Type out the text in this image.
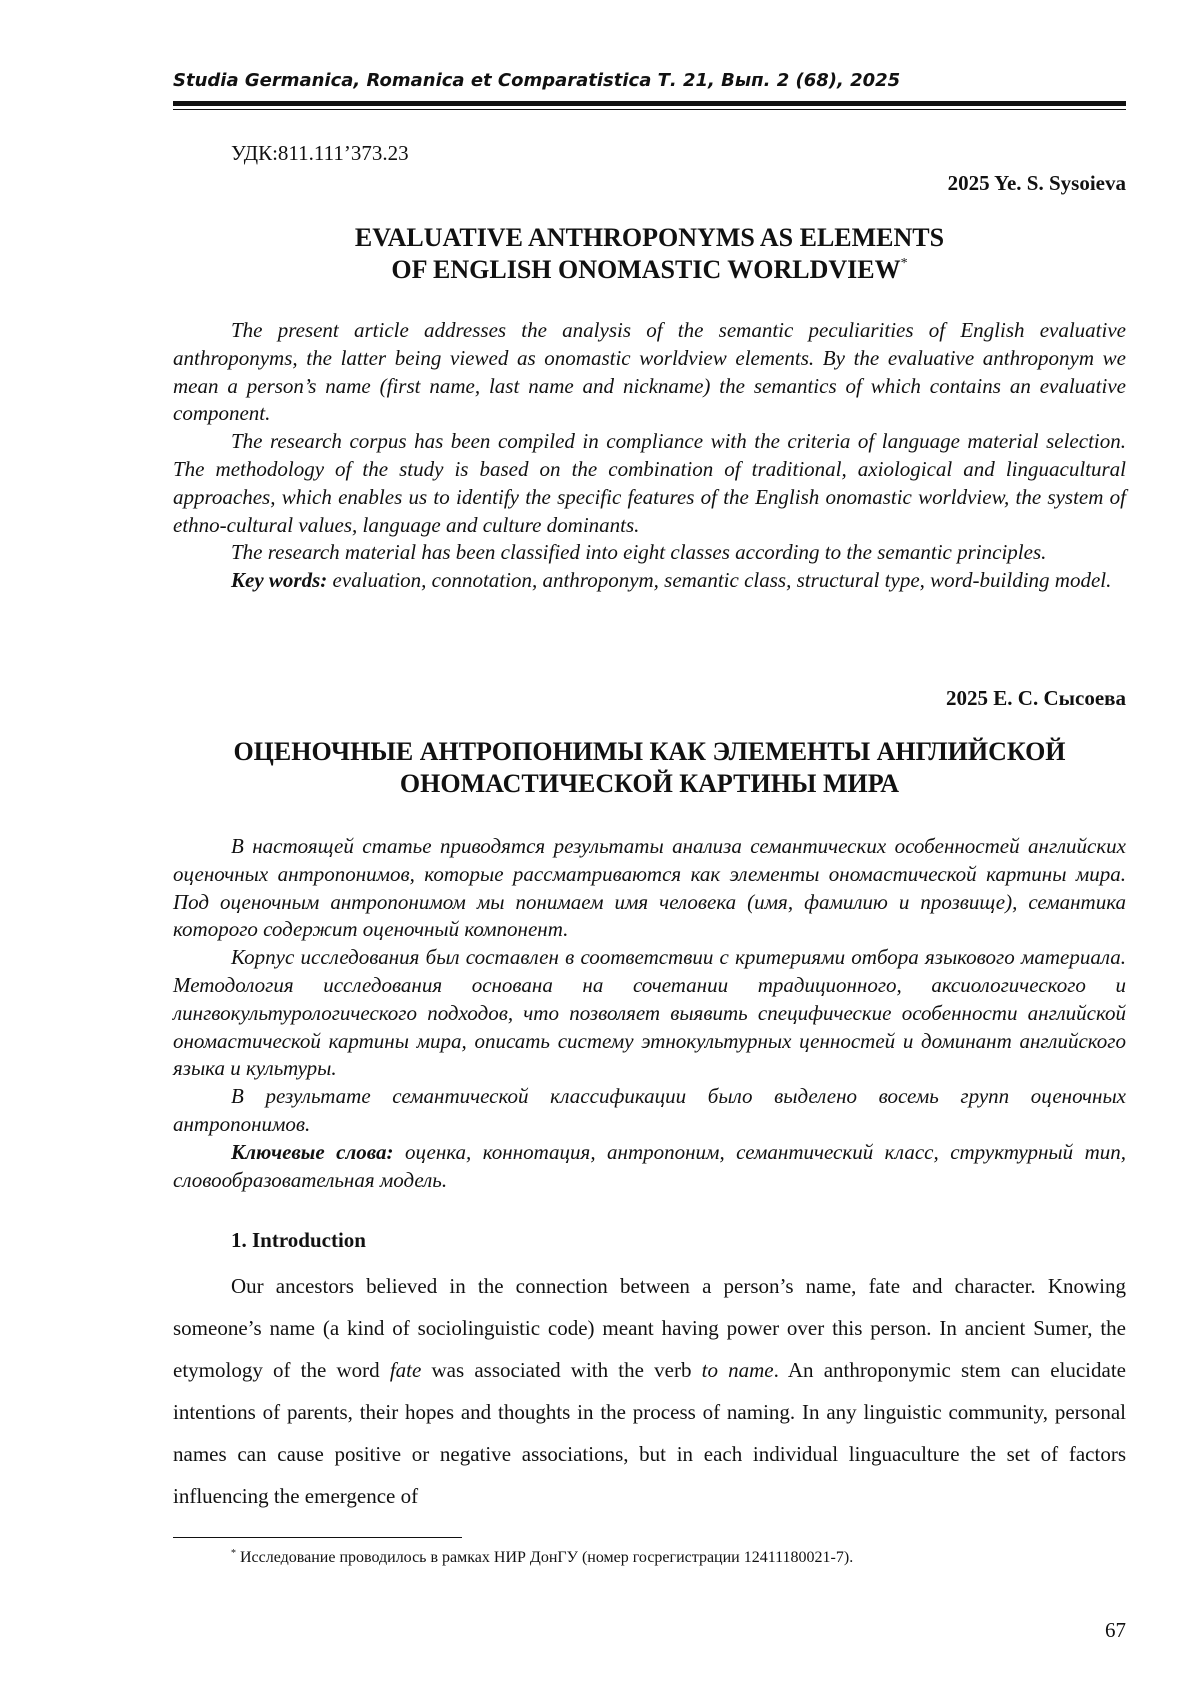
Studia Germanica, Romanica et Comparatistica Т. 21, Вып. 2 (68), 2025
УДК:811.111’373.23
2025 Ye. S. Sysoieva
EVALUATIVE ANTHROPONYMS AS ELEMENTS
OF ENGLISH ONOMASTIC WORLDVIEW*

The present article addresses the analysis of the semantic peculiarities of English evaluative anthroponyms, the latter being viewed as onomastic worldview elements. By the evaluative anthroponym we mean a person’s name (first name, last name and nickname) the semantics of which contains an evaluative component.

The research corpus has been compiled in compliance with the criteria of language material selection. The methodology of the study is based on the combination of traditional, axiological and linguacultural approaches, which enables us to identify the specific features of the English onomastic worldview, the system of ethno-cultural values, language and culture dominants.

The research material has been classified into eight classes according to the semantic principles.

Key words: evaluation, connotation, anthroponym, semantic class, structural type, word-building model.

2025 Е. С. Сысоева
ОЦЕНОЧНЫЕ АНТРОПОНИМЫ КАК ЭЛЕМЕНТЫ АНГЛИЙСКОЙ
ОНОМАСТИЧЕСКОЙ КАРТИНЫ МИРА

В настоящей статье приводятся результаты анализа семантических особенностей английских оценочных антропонимов, которые рассматриваются как элементы ономастической картины мира. Под оценочным антропонимом мы понимаем имя человека (имя, фамилию и прозвище), семантика которого содержит оценочный компонент.

Корпус исследования был составлен в соответствии с критериями отбора языкового материала. Методология исследования основана на сочетании традиционного, аксиологического и лингвокультурологического подходов, что позволяет выявить специфические особенности английской ономастической картины мира, описать систему этнокультурных ценностей и доминант английского языка и культуры.

В результате семантической классификации было выделено восемь групп оценочных антропонимов.

Ключевые слова: оценка, коннотация, антропоним, семантический класс, структурный тип, словообразовательная модель.

1. Introduction

Our ancestors believed in the connection between a person’s name, fate and character. Knowing someone’s name (a kind of sociolinguistic code) meant having power over this person. In ancient Sumer, the etymology of the word fate was associated with the verb to name. An anthroponymic stem can elucidate intentions of parents, their hopes and thoughts in the process of naming. In any linguistic community, personal names can cause positive or negative associations, but in each individual linguaculture the set of factors influencing the emergence of

* Исследование проводилось в рамках НИР ДонГУ (номер госрегистрации 12411180021-7).
67
